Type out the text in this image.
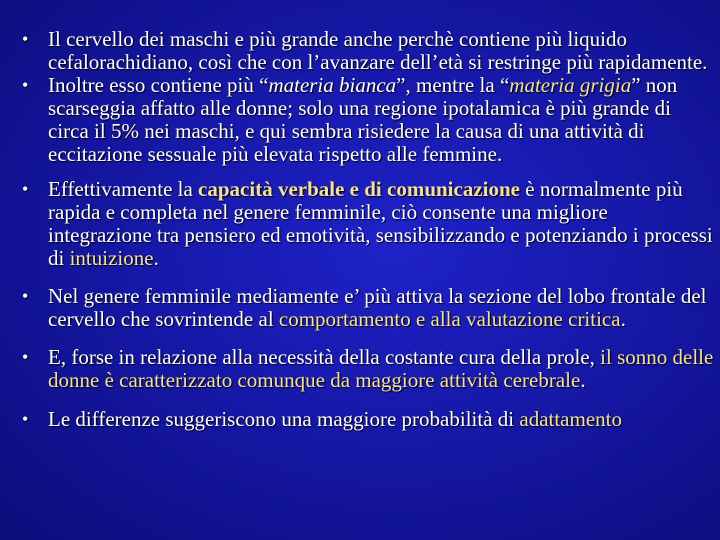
• Il cervello dei maschi e più grande anche perchè contiene più liquido cefalorachidiano, così che con l’avanzare dell’età si restringe più rapidamente.
• Inoltre esso contiene più “materia bianca”, mentre la “materia grigia” non scarseggia affatto alle donne; solo una regione ipotalamica è più grande di circa il 5% nei maschi, e qui sembra risiedere la causa di una attività di eccitazione sessuale più elevata rispetto alle femmine.
• Effettivamente la capacità verbale e di comunicazione è normalmente più rapida e completa nel genere femminile, ciò consente una migliore integrazione tra pensiero ed emotività, sensibilizzando e potenziando i processi di intuizione.
• Nel genere femminile mediamente e’ più attiva la sezione del lobo frontale del cervello che sovrintende al comportamento e alla valutazione critica.
• E, forse in relazione alla necessità della costante cura della prole, il sonno delle donne è caratterizzato comunque da maggiore attività cerebrale.
• Le differenze suggeriscono una maggiore probabilità di adattamento
